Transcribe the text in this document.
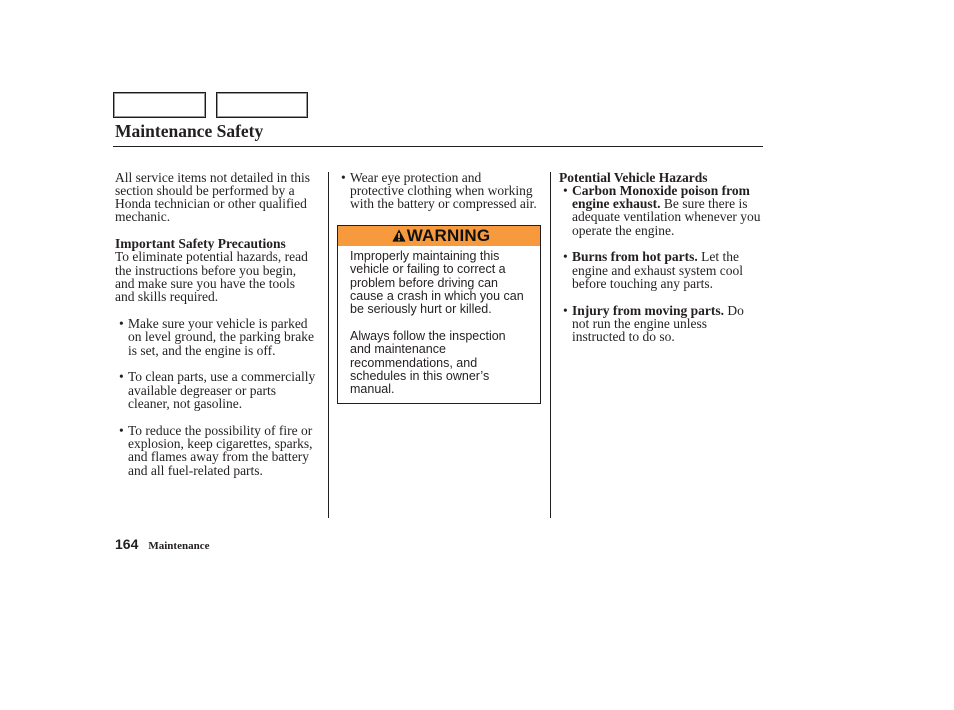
Maintenance Safety
All service items not detailed in this
section should be performed by a
Honda technician or other qualified
mechanic.
Important Safety Precautions
To eliminate potential hazards, read
the instructions before you begin,
and make sure you have the tools
and skills required.
• Make sure your vehicle is parked
on level ground, the parking brake
is set, and the engine is off.
• To clean parts, use a commercially
available degreaser or parts
cleaner, not gasoline.
• To reduce the possibility of fire or
explosion, keep cigarettes, sparks,
and flames away from the battery
and all fuel-related parts.
• Wear eye protection and
protective clothing when working
with the battery or compressed air.
WARNING
Improperly maintaining this
vehicle or failing to correct a
problem before driving can
cause a crash in which you can
be seriously hurt or killed.
Always follow the inspection
and maintenance
recommendations, and
schedules in this owner’s
manual.
Potential Vehicle Hazards
• Carbon Monoxide poison from
engine exhaust. Be sure there is
adequate ventilation whenever you
operate the engine.
• Burns from hot parts. Let the
engine and exhaust system cool
before touching any parts.
• Injury from moving parts. Do
not run the engine unless
instructed to do so.
164 Maintenance
